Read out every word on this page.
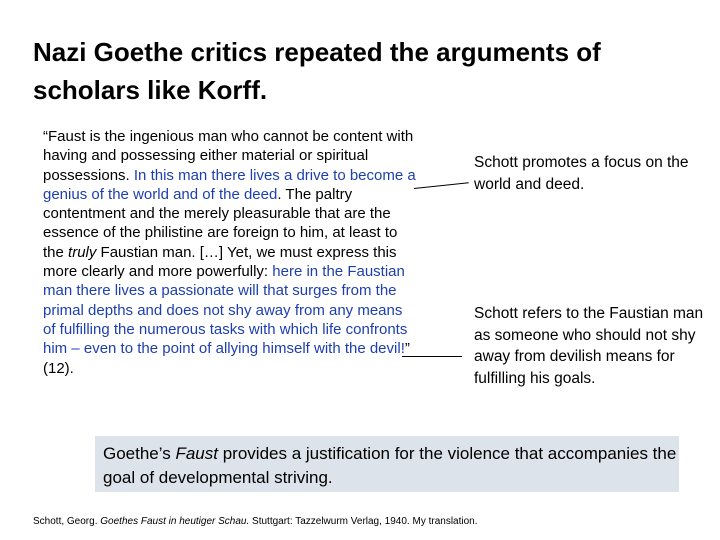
Nazi Goethe critics repeated the arguments of scholars like Korff.
“Faust is the ingenious man who cannot be content with having and possessing either material or spiritual possessions. In this man there lives a drive to become a genius of the world and of the deed. The paltry contentment and the merely pleasurable that are the essence of the philistine are foreign to him, at least to the truly Faustian man. […] Yet, we must express this more clearly and more powerfully: here in the Faustian man there lives a passionate will that surges from the primal depths and does not shy away from any means of fulfilling the numerous tasks with which life confronts him – even to the point of allying himself with the devil!” (12).
Schott promotes a focus on the world and deed.
Schott refers to the Faustian man as someone who should not shy away from devilish means for fulfilling his goals.
Goethe’s Faust provides a justification for the violence that accompanies the goal of developmental striving.
Schott, Georg. Goethes Faust in heutiger Schau. Stuttgart: Tazzelwurm Verlag, 1940. My translation.
